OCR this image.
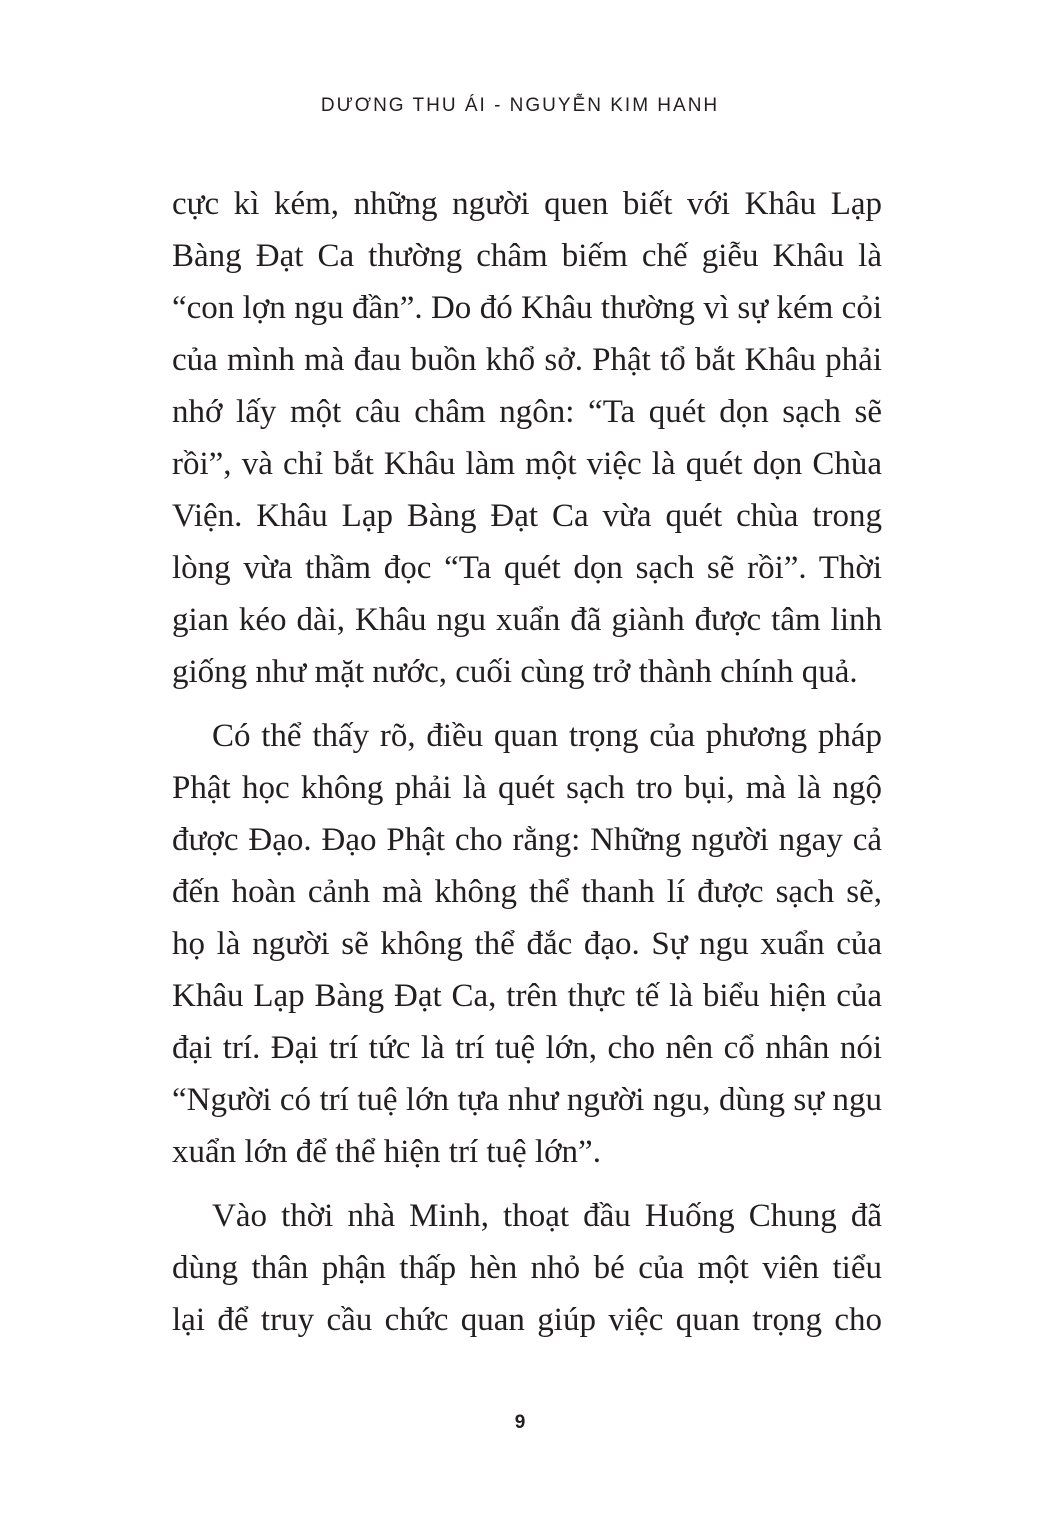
DƯƠNG THU ÁI - NGUYỄN KIM HANH
cực kì kém, những người quen biết với Khâu Lạp
Bàng Đạt Ca thường châm biếm chế giễu Khâu là
“con lợn ngu đần”. Do đó Khâu thường vì sự kém cỏi
của mình mà đau buồn khổ sở. Phật tổ bắt Khâu phải
nhớ lấy một câu châm ngôn: “Ta quét dọn sạch sẽ
rồi”, và chỉ bắt Khâu làm một việc là quét dọn Chùa
Viện. Khâu Lạp Bàng Đạt Ca vừa quét chùa trong
lòng vừa thầm đọc “Ta quét dọn sạch sẽ rồi”. Thời
gian kéo dài, Khâu ngu xuẩn đã giành được tâm linh
giống như mặt nước, cuối cùng trở thành chính quả.
Có thể thấy rõ, điều quan trọng của phương pháp
Phật học không phải là quét sạch tro bụi, mà là ngộ
được Đạo. Đạo Phật cho rằng: Những người ngay cả
đến hoàn cảnh mà không thể thanh lí được sạch sẽ,
họ là người sẽ không thể đắc đạo. Sự ngu xuẩn của
Khâu Lạp Bàng Đạt Ca, trên thực tế là biểu hiện của
đại trí. Đại trí tức là trí tuệ lớn, cho nên cổ nhân nói
“Người có trí tuệ lớn tựa như người ngu, dùng sự ngu
xuẩn lớn để thể hiện trí tuệ lớn”.
Vào thời nhà Minh, thoạt đầu Huống Chung đã
dùng thân phận thấp hèn nhỏ bé của một viên tiểu
lại để truy cầu chức quan giúp việc quan trọng cho
9
